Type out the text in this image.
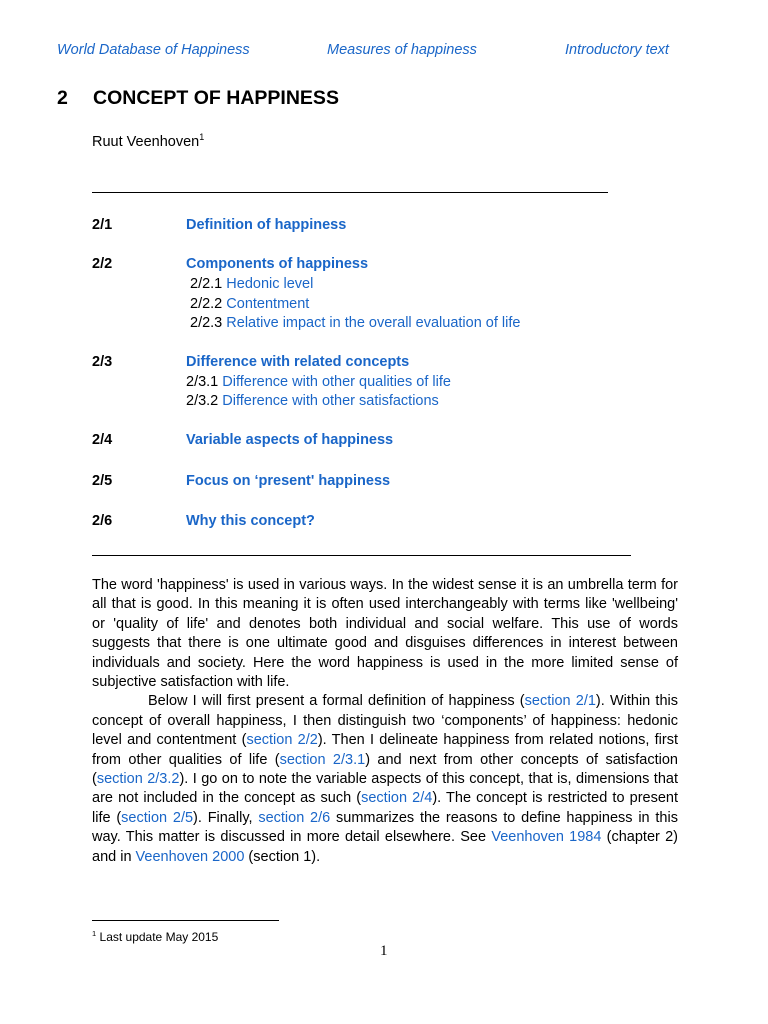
World Database of Happiness	Measures of happiness	Introductory text
2 CONCEPT OF HAPPINESS
Ruut Veenhoven$^1$
2/1	Definition of happiness
2/2	Components of happiness
2/2.1 Hedonic level
2/2.2 Contentment
2/2.3 Relative impact in the overall evaluation of life
2/3	Difference with related concepts
2/3.1 Difference with other qualities of life
2/3.2 Difference with other satisfactions
2/4	Variable aspects of happiness
2/5	Focus on ‘present' happiness
2/6	Why this concept?

The word 'happiness' is used in various ways. In the widest sense it is an umbrella term for all that is good. In this meaning it is often used interchangeably with terms like 'wellbeing' or 'quality of life' and denotes both individual and social welfare. This use of words suggests that there is one ultimate good and disguises differences in interest between individuals and society. Here the word happiness is used in the more limited sense of subjective satisfaction with life.

Below I will first present a formal definition of happiness (section 2/1). Within this concept of overall happiness, I then distinguish two ‘components’ of happiness: hedonic level and contentment (section 2/2). Then I delineate happiness from related notions, first from other qualities of life (section 2/3.1) and next from other concepts of satisfaction (section 2/3.2). I go on to note the variable aspects of this concept, that is, dimensions that are not included in the concept as such (section 2/4). The concept is restricted to present life (section 2/5). Finally, section 2/6 summarizes the reasons to define happiness in this way. This matter is discussed in more detail elsewhere. See Veenhoven 1984 (chapter 2) and in Veenhoven 2000 (section 1).

$^1$ Last update May 2015
1
